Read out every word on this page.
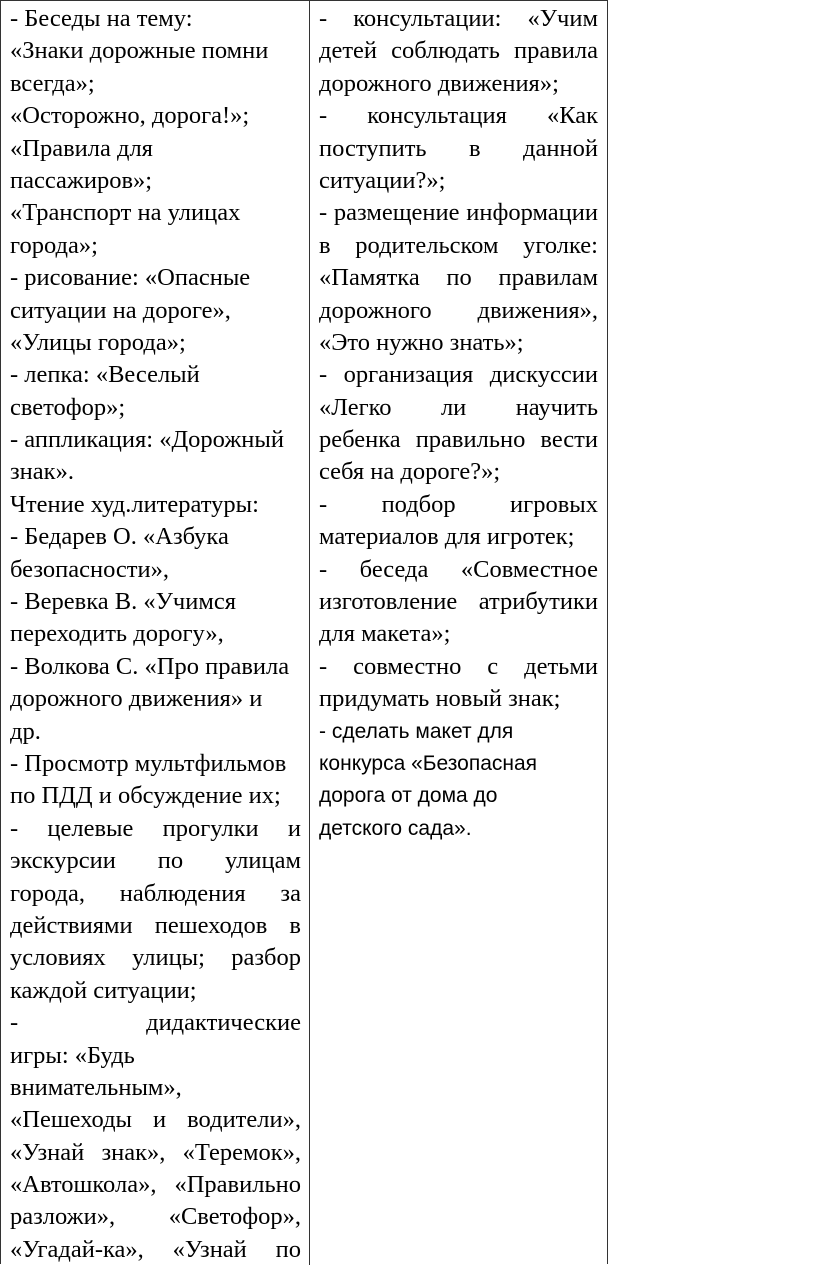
- Беседы на тему:
«Знаки дорожные помни
всегда»;
«Осторожно, дорога!»;
«Правила для
пассажиров»;
«Транспорт на улицах
города»;
- рисование: «Опасные
ситуации на дороге»,
«Улицы города»;
- лепка: «Веселый
светофор»;
- аппликация: «Дорожный
знак».
Чтение худ.литературы:
- Бедарев О. «Азбука
безопасности»,
- Веревка В. «Учимся
переходить дорогу»,
- Волкова С. «Про правила
дорожного движения» и
др.
- Просмотр мультфильмов
по ПДД и обсуждение их;
- целевые прогулки и
экскурсии по улицам
города, наблюдения за
действиями пешеходов в
условиях улицы; разбор
каждой ситуации;
-	дидактические
игры: «Будь
внимательным»,
«Пешеходы и водители»,
«Узнай знак», «Теремок»,
«Автошкола», «Правильно
разложи», «Светофор»,
«Угадай-ка», «Узнай по
- консультации: «Учим
детей соблюдать правила
дорожного движения»;
- консультация «Как
поступить в данной
ситуации?»;
- размещение информации
в родительском уголке:
«Памятка по правилам
дорожного движения»,
«Это нужно знать»;
- организация дискуссии
«Легко ли научить
ребенка правильно вести
себя на дороге?»;
- подбор игровых
материалов для игротек;
- беседа «Совместное
изготовление атрибутики
для макета»;
- совместно с детьми
придумать новый знак;
- сделать макет для
конкурса «Безопасная
дорога от дома до
детского сада».
